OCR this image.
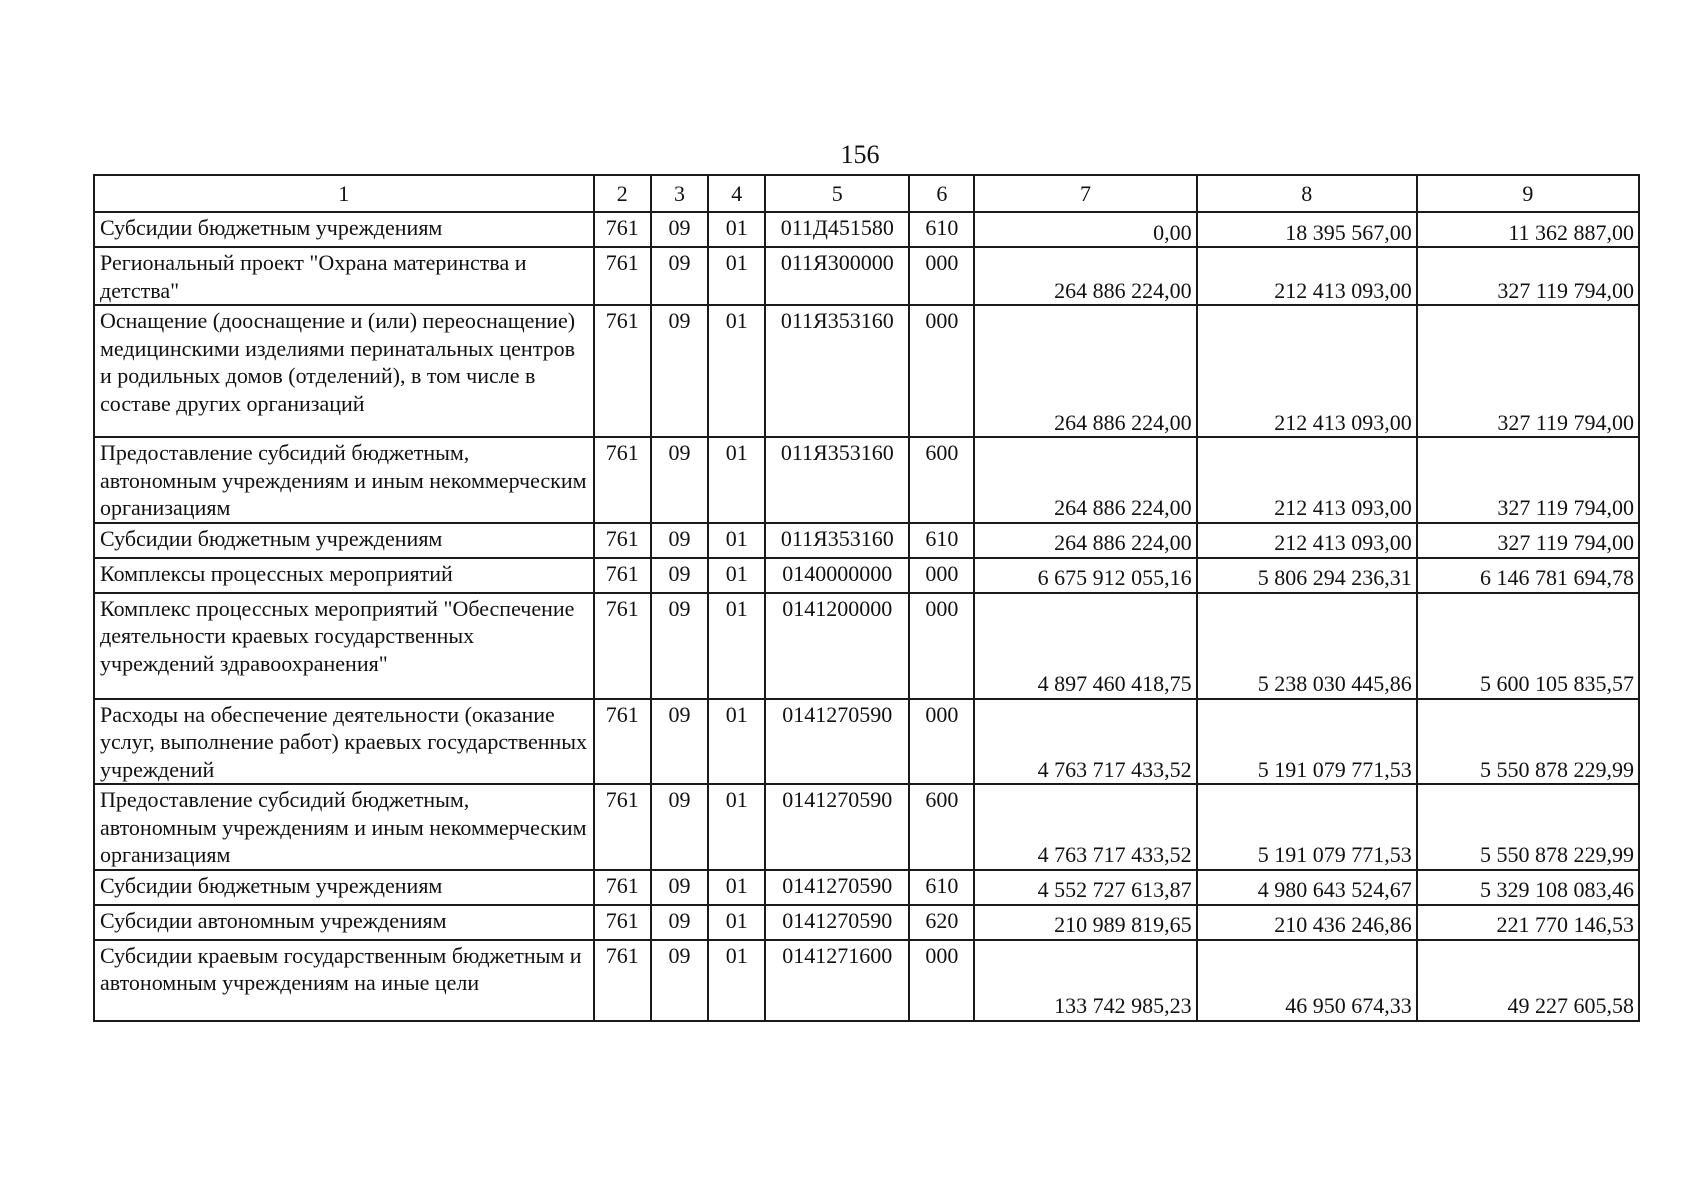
156
1	2	3	4	5	6	7	8	9
Субсидии бюджетным учреждениям	761	09	01	011Д451580	610	0,00	18 395 567,00	11 362 887,00
Региональный проект "Охрана материнства и детства"	761	09	01	011Я300000	000	264 886 224,00	212 413 093,00	327 119 794,00
Оснащение (дооснащение и (или) переоснащение) медицинскими изделиями перинатальных центров и родильных домов (отделений), в том числе в составе других организаций	761	09	01	011Я353160	000	264 886 224,00	212 413 093,00	327 119 794,00
Предоставление субсидий бюджетным, автономным учреждениям и иным некоммерческим организациям	761	09	01	011Я353160	600	264 886 224,00	212 413 093,00	327 119 794,00
Субсидии бюджетным учреждениям	761	09	01	011Я353160	610	264 886 224,00	212 413 093,00	327 119 794,00
Комплексы процессных мероприятий	761	09	01	0140000000	000	6 675 912 055,16	5 806 294 236,31	6 146 781 694,78
Комплекс процессных мероприятий "Обеспечение деятельности краевых государственных учреждений здравоохранения"	761	09	01	0141200000	000	4 897 460 418,75	5 238 030 445,86	5 600 105 835,57
Расходы на обеспечение деятельности (оказание услуг, выполнение работ) краевых государственных учреждений	761	09	01	0141270590	000	4 763 717 433,52	5 191 079 771,53	5 550 878 229,99
Предоставление субсидий бюджетным, автономным учреждениям и иным некоммерческим организациям	761	09	01	0141270590	600	4 763 717 433,52	5 191 079 771,53	5 550 878 229,99
Субсидии бюджетным учреждениям	761	09	01	0141270590	610	4 552 727 613,87	4 980 643 524,67	5 329 108 083,46
Субсидии автономным учреждениям	761	09	01	0141270590	620	210 989 819,65	210 436 246,86	221 770 146,53
Субсидии краевым государственным бюджетным и автономным учреждениям на иные цели	761	09	01	0141271600	000	133 742 985,23	46 950 674,33	49 227 605,58
